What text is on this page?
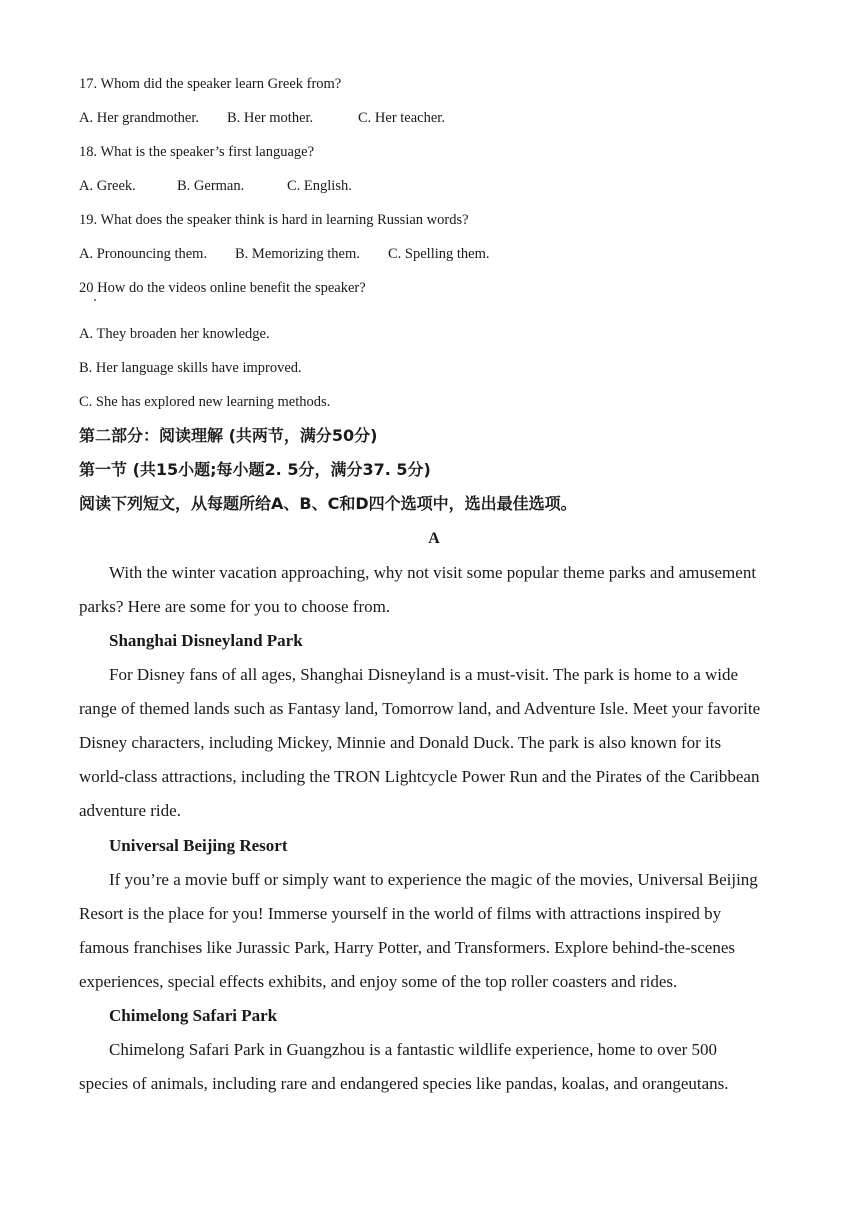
17. Whom did the speaker learn Greek from?
A. Her grandmother. B. Her mother.	C. Her teacher.
18. What is the speaker’s first language?
A. Greek.	B. German.	C. English.
19. What does the speaker think is hard in learning Russian words?
A. Pronouncing them. B. Memorizing them. C. Spelling them.
20 How do the videos online benefit the speaker?
A. They broaden her knowledge.
B. Her language skills have improved.
C. She has explored new learning methods.
第二部分：阅读理解 (共两节，满分50分)
第一节 (共15小题;每小题2. 5分，满分37. 5分)
阅读下列短文，从每题所给A、B、C和D四个选项中，选出最佳选项。
A
With the winter vacation approaching, why not visit some popular theme parks and amusement
parks? Here are some for you to choose from.
Shanghai Disneyland Park
For Disney fans of all ages, Shanghai Disneyland is a must-visit. The park is home to a wide
range of themed lands such as Fantasy land, Tomorrow land, and Adventure Isle. Meet your favorite
Disney characters, including Mickey, Minnie and Donald Duck. The park is also known for its
world-class attractions, including the TRON Lightcycle Power Run and the Pirates of the Caribbean
adventure ride.
Universal Beijing Resort
If you’re a movie buff or simply want to experience the magic of the movies, Universal Beijing
Resort is the place for you! Immerse yourself in the world of films with attractions inspired by
famous franchises like Jurassic Park, Harry Potter, and Transformers. Explore behind-the-scenes
experiences, special effects exhibits, and enjoy some of the top roller coasters and rides.
Chimelong Safari Park
Chimelong Safari Park in Guangzhou is a fantastic wildlife experience, home to over 500
species of animals, including rare and endangered species like pandas, koalas, and orangeutans.
